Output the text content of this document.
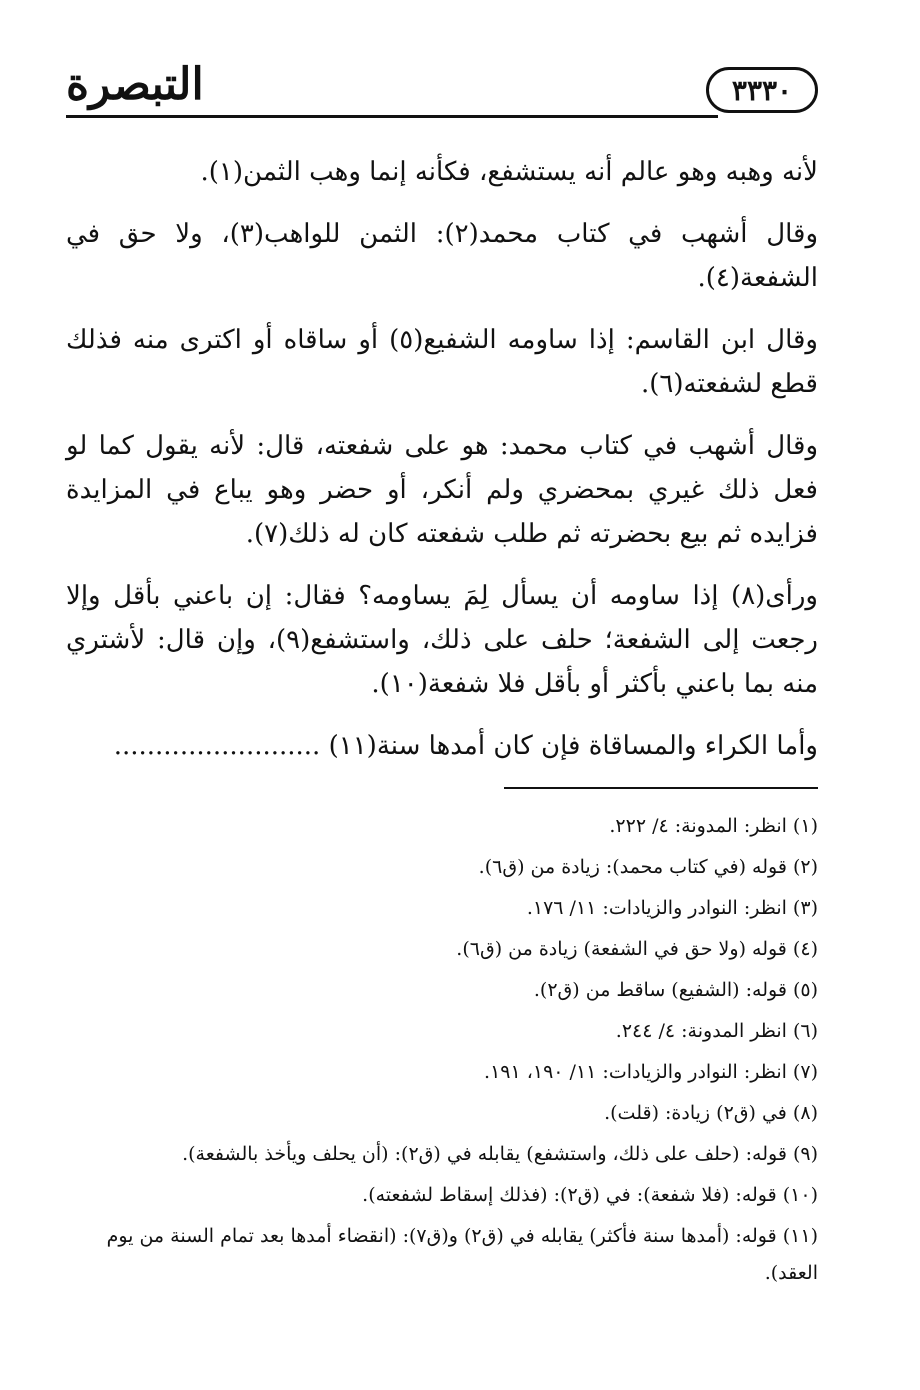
التبصرة	٣٣٣٠

لأنه وهبه وهو عالم أنه يستشفع، فكأنه إنما وهب الثمن(١).

وقال أشهب في كتاب محمد(٢): الثمن للواهب(٣)، ولا حق في الشفعة(٤).

وقال ابن القاسم: إذا ساومه الشفيع(٥) أو ساقاه أو اكترى منه فذلك قطع لشفعته(٦).

وقال أشهب في كتاب محمد: هو على شفعته، قال: لأنه يقول كما لو فعل ذلك غيري بمحضري ولم أنكر، أو حضر وهو يباع في المزايدة فزايده ثم بيع بحضرته ثم طلب شفعته كان له ذلك(٧).

ورأى(٨) إذا ساومه أن يسأل لِمَ يساومه؟ فقال: إن باعني بأقل وإلا رجعت إلى الشفعة؛ حلف على ذلك، واستشفع(٩)، وإن قال: لأشتري منه بما باعني بأكثر أو بأقل فلا شفعة(١٠).

وأما الكراء والمساقاة فإن كان أمدها سنة(١١) .........................

(١) انظر: المدونة: ٤/ ٢٢٢.
(٢) قوله (في كتاب محمد): زيادة من (ق٦).
(٣) انظر: النوادر والزيادات: ١١/ ١٧٦.
(٤) قوله (ولا حق في الشفعة) زيادة من (ق٦).
(٥) قوله: (الشفيع) ساقط من (ق٢).
(٦) انظر المدونة: ٤/ ٢٤٤.
(٧) انظر: النوادر والزيادات: ١١/ ١٩٠، ١٩١.
(٨) في (ق٢) زيادة: (قلت).
(٩) قوله: (حلف على ذلك، واستشفع) يقابله في (ق٢): (أن يحلف ويأخذ بالشفعة).
(١٠) قوله: (فلا شفعة): في (ق٢): (فذلك إسقاط لشفعته).
(١١) قوله: (أمدها سنة فأكثر) يقابله في (ق٢) و(ق٧): (انقضاء أمدها بعد تمام السنة من يوم العقد).
